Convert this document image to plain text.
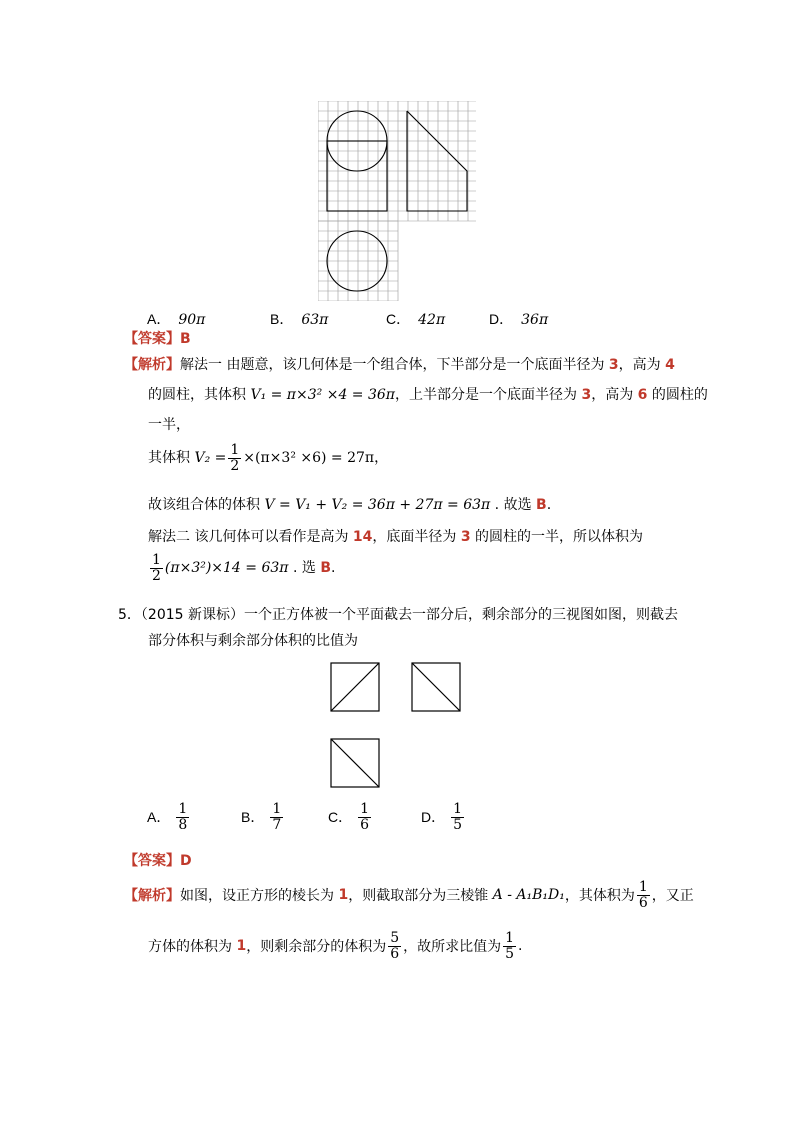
A． 90π	B． 63π	C． 42π	D． 36π
【答案】B
【解析】解法一 由题意，该几何体是一个组合体，下半部分是一个底面半径为 3，高为 4
的圆柱，其体积 V₁ = π×3² ×4 = 36π，上半部分是一个底面半径为 3，高为 6 的圆柱的
一半，
其体积 $V_2 = \frac{1}{2} \times(\pi\times 3^2 \times 6) = 27\pi$，
故该组合体的体积 V = V₁ + V₂ = 36π + 27π = 63π . 故选 B.
解法二 该几何体可以看作是高为 14，底面半径为 3 的圆柱的一半，所以体积为
$\frac{1}{2} (\pi\times 3^2)\times 14 = 63\pi$ . 选 B.
5．（2015 新课标）一个正方体被一个平面截去一部分后，剩余部分的三视图如图，则截去
部分体积与剩余部分体积的比值为
A． $\frac{1}{8}$	B． $\frac{1}{7}$	C． $\frac{1}{6}$	D． $\frac{1}{5}$
【答案】D
【解析】如图，设正方形的棱长为 1，则截取部分为三棱锥 A - A₁B₁D₁，其体积为 $\frac{1}{6}$ ，又正
方体的体积为 1，则剩余部分的体积为 $\frac{5}{6}$ ，故所求比值为 $\frac{1}{5}$ .
